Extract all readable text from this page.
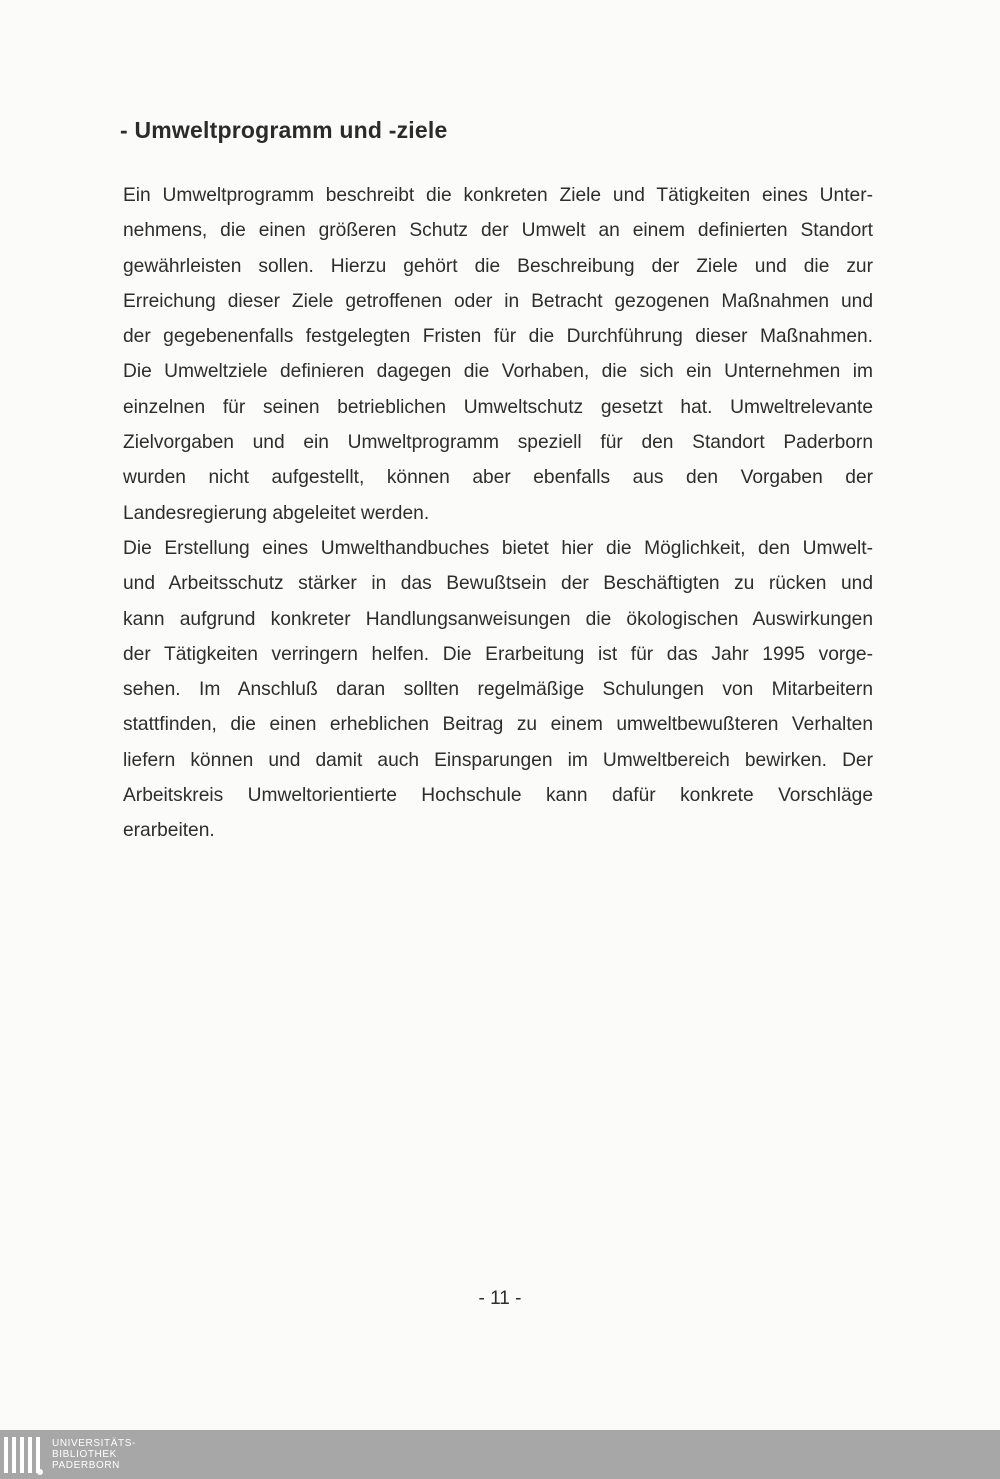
- Umweltprogramm und -ziele
Ein Umweltprogramm beschreibt die konkreten Ziele und Tätigkeiten eines Unter-
nehmens, die einen größeren Schutz der Umwelt an einem definierten Standort
gewährleisten sollen. Hierzu gehört die Beschreibung der Ziele und die zur
Erreichung dieser Ziele getroffenen oder in Betracht gezogenen Maßnahmen und
der gegebenenfalls festgelegten Fristen für die Durchführung dieser Maßnahmen.
Die Umweltziele definieren dagegen die Vorhaben, die sich ein Unternehmen im
einzelnen für seinen betrieblichen Umweltschutz gesetzt hat. Umweltrelevante
Zielvorgaben und ein Umweltprogramm speziell für den Standort Paderborn
wurden nicht aufgestellt, können aber ebenfalls aus den Vorgaben der
Landesregierung abgeleitet werden.
Die Erstellung eines Umwelthandbuches bietet hier die Möglichkeit, den Umwelt-
und Arbeitsschutz stärker in das Bewußtsein der Beschäftigten zu rücken und
kann aufgrund konkreter Handlungsanweisungen die ökologischen Auswirkungen
der Tätigkeiten verringern helfen. Die Erarbeitung ist für das Jahr 1995 vorge-
sehen. Im Anschluß daran sollten regelmäßige Schulungen von Mitarbeitern
stattfinden, die einen erheblichen Beitrag zu einem umweltbewußteren Verhalten
liefern können und damit auch Einsparungen im Umweltbereich bewirken. Der
Arbeitskreis Umweltorientierte Hochschule kann dafür konkrete Vorschläge
erarbeiten.

- 11 -

UNIVERSITÄTS-
BIBLIOTHEK
PADERBORN
